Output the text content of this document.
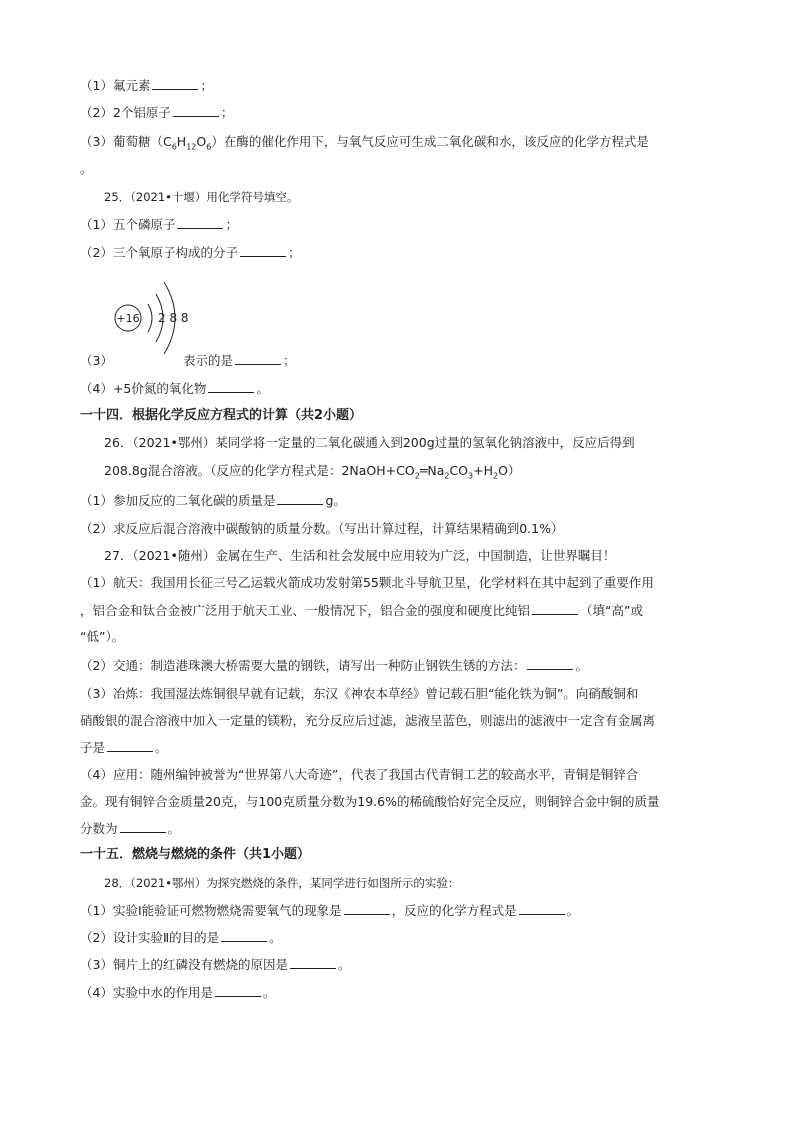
（1）氟元素	；
（2）2个铝原子	；
（3）葡萄糖$(C_6H_{12}O_6)$在酶的催化作用下，与氧气反应可生成二氧化碳和水，该反应的化学方程式是
。
25．（2021•十堰）用化学符号填空。
（1）五个磷原子	；
（2）三个氧原子构成的分子	；
+16 2 8 8
（3）	表示的是	；
（4）+5价氮的氧化物	。
一十四．根据化学反应方程式的计算（共2小题）
26．（2021•鄂州）某同学将一定量的二氧化碳通入到200g过量的氢氧化钠溶液中，反应后得到
208.8g混合溶液。（反应的化学方程式是：$2NaOH+CO_2═Na_2CO_3+H_2O$）
（1）参加反应的二氧化碳的质量是	g。
（2）求反应后混合溶液中碳酸钠的质量分数。（写出计算过程，计算结果精确到0.1%）
27．（2021•随州）金属在生产、生活和社会发展中应用较为广泛，中国制造，让世界瞩目！
（1）航天：我国用长征三号乙运载火箭成功发射第55颗北斗导航卫星，化学材料在其中起到了重要作用
，铝合金和钛合金被广泛用于航天工业、一般情况下，铝合金的强度和硬度比纯铝	（填“高”或
“低”）。
（2）交通：制造港珠澳大桥需要大量的钢铁，请写出一种防止钢铁生锈的方法：	。
（3）冶炼：我国湿法炼铜很早就有记载，东汉《神农本草经》曾记载石胆“能化铁为铜”。向硝酸铜和
硝酸银的混合溶液中加入一定量的镁粉，充分反应后过滤，滤液呈蓝色，则滤出的滤液中一定含有金属离
子是	。
（4）应用：随州编钟被誉为“世界第八大奇迹”，代表了我国古代青铜工艺的较高水平，青铜是铜锌合
金。现有铜锌合金质量20克，与100克质量分数为19.6%的稀硫酸恰好完全反应，则铜锌合金中铜的质量
分数为	。
一十五．燃烧与燃烧的条件（共1小题）
28．（2021•鄂州）为探究燃烧的条件，某同学进行如图所示的实验：
（1）实验Ⅰ能验证可燃物燃烧需要氧气的现象是	，反应的化学方程式是	。
（2）设计实验Ⅱ的目的是	。
（3）铜片上的红磷没有燃烧的原因是	。
（4）实验中水的作用是	。
